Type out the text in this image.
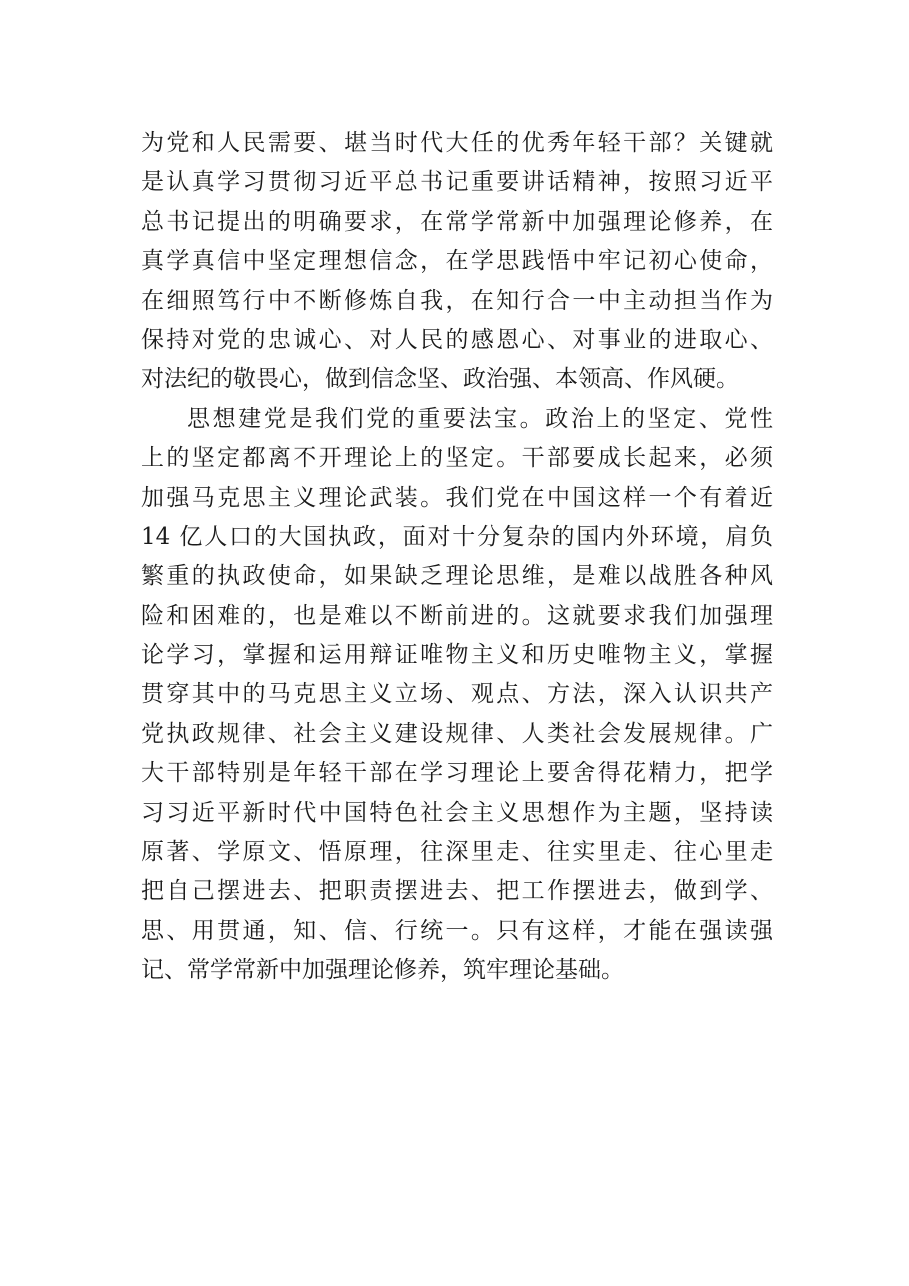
为党和人民需要、堪当时代大任的优秀年轻干部？关键就
是认真学习贯彻习近平总书记重要讲话精神，按照习近平
总书记提出的明确要求，在常学常新中加强理论修养，在
真学真信中坚定理想信念，在学思践悟中牢记初心使命，
在细照笃行中不断修炼自我，在知行合一中主动担当作为
保持对党的忠诚心、对人民的感恩心、对事业的进取心、
对法纪的敬畏心，做到信念坚、政治强、本领高、作风硬。
思想建党是我们党的重要法宝。政治上的坚定、党性
上的坚定都离不开理论上的坚定。干部要成长起来，必须
加强马克思主义理论武装。我们党在中国这样一个有着近
14 亿人口的大国执政，面对十分复杂的国内外环境，肩负
繁重的执政使命，如果缺乏理论思维，是难以战胜各种风
险和困难的，也是难以不断前进的。这就要求我们加强理
论学习，掌握和运用辩证唯物主义和历史唯物主义，掌握
贯穿其中的马克思主义立场、观点、方法，深入认识共产
党执政规律、社会主义建设规律、人类社会发展规律。广
大干部特别是年轻干部在学习理论上要舍得花精力，把学
习习近平新时代中国特色社会主义思想作为主题，坚持读
原著、学原文、悟原理，往深里走、往实里走、往心里走
把自己摆进去、把职责摆进去、把工作摆进去，做到学、
思、用贯通，知、信、行统一。只有这样，才能在强读强
记、常学常新中加强理论修养，筑牢理论基础。
